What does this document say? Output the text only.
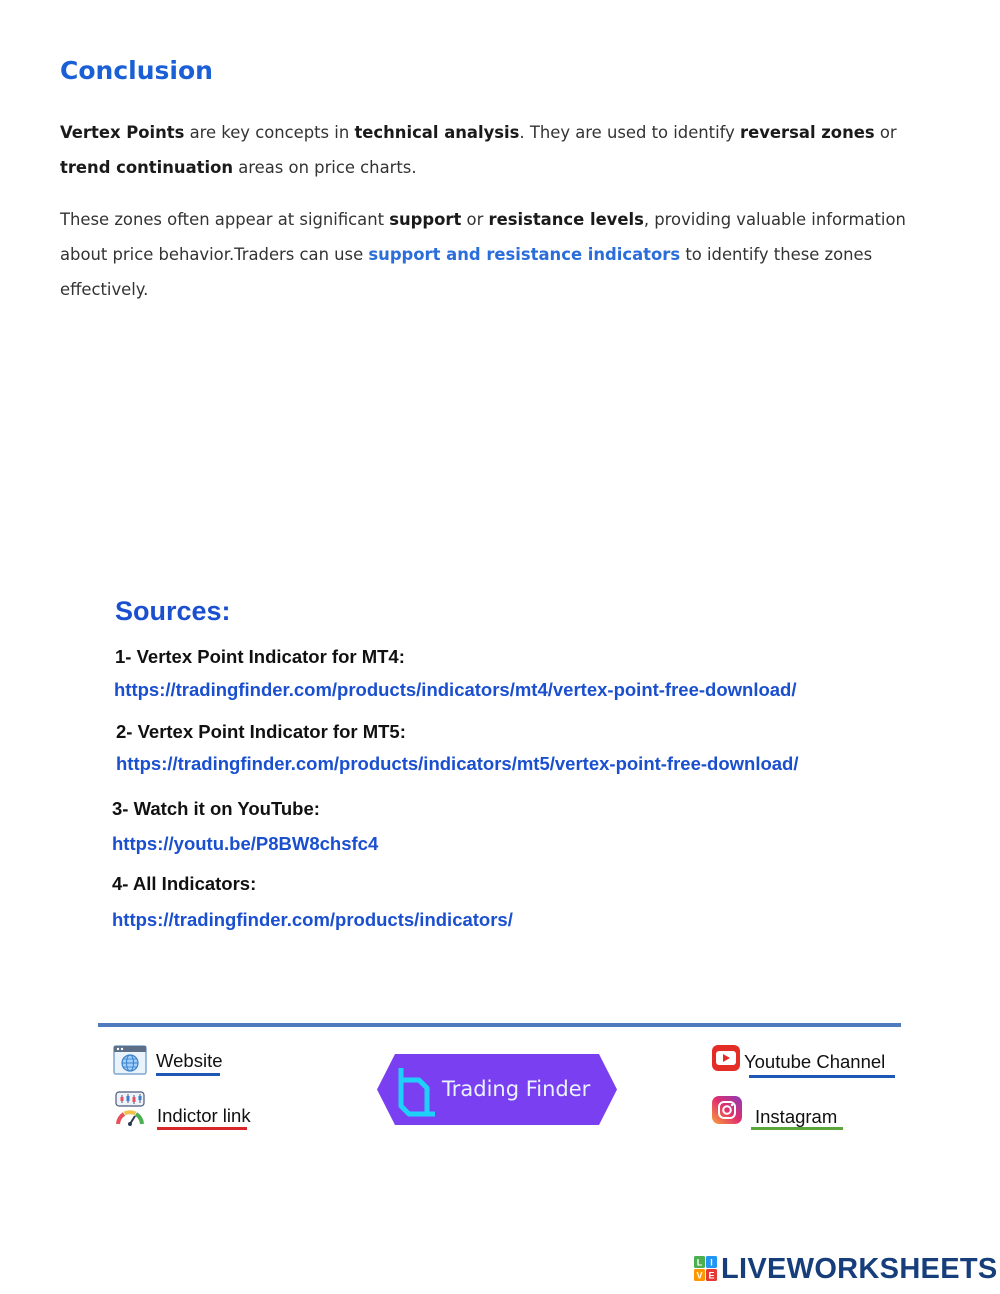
Conclusion

Vertex Points are key concepts in technical analysis. They are used to identify reversal zones or trend continuation areas on price charts.

These zones often appear at significant support or resistance levels, providing valuable information about price behavior.Traders can use support and resistance indicators to identify these zones effectively.

Sources:

1- Vertex Point Indicator for MT4:

https://tradingfinder.com/products/indicators/mt4/vertex-point-free-download/

2- Vertex Point Indicator for MT5:

https://tradingfinder.com/products/indicators/mt5/vertex-point-free-download/

3- Watch it on YouTube:

https://youtu.be/P8BW8chsfc4

4- All Indicators:

https://tradingfinder.com/products/indicators/
Website
Indictor link
Trading Finder
Youtube Channel
Instagram
L I
V E LIVEWORKSHEETS
